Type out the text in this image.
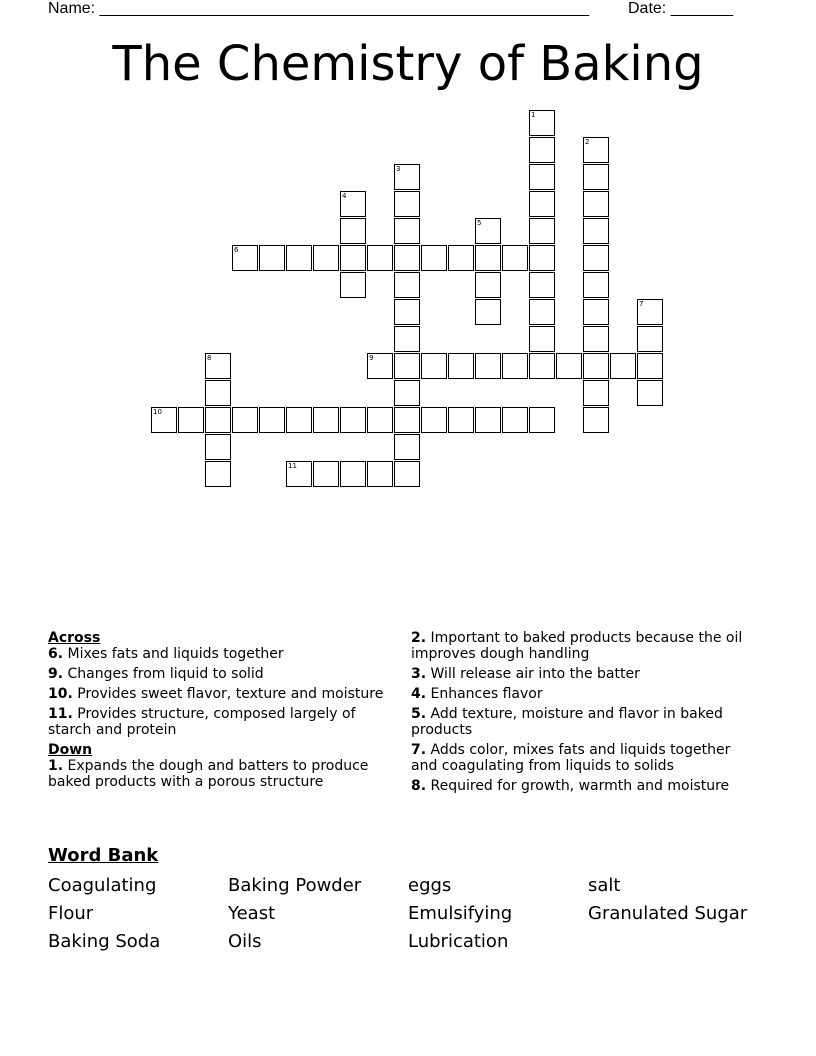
Name: _______________________________________________________ Date: _______
The Chemistry of Baking
1
2
3
4
5
6
7
8	9
10
11
Across
6. Mixes fats and liquids together
9. Changes from liquid to solid
10. Provides sweet flavor, texture and moisture
11. Provides structure, composed largely of starch and protein
Down
1. Expands the dough and batters to produce baked products with a porous structure
2. Important to baked products because the oil improves dough handling
3. Will release air into the batter
4. Enhances flavor
5. Add texture, moisture and flavor in baked products
7. Adds color, mixes fats and liquids together and coagulating from liquids to solids
8. Required for growth, warmth and moisture
Word Bank
Coagulating	Baking Powder	eggs	salt
Flour	Yeast	Emulsifying	Granulated Sugar
Baking Soda	Oils	Lubrication
